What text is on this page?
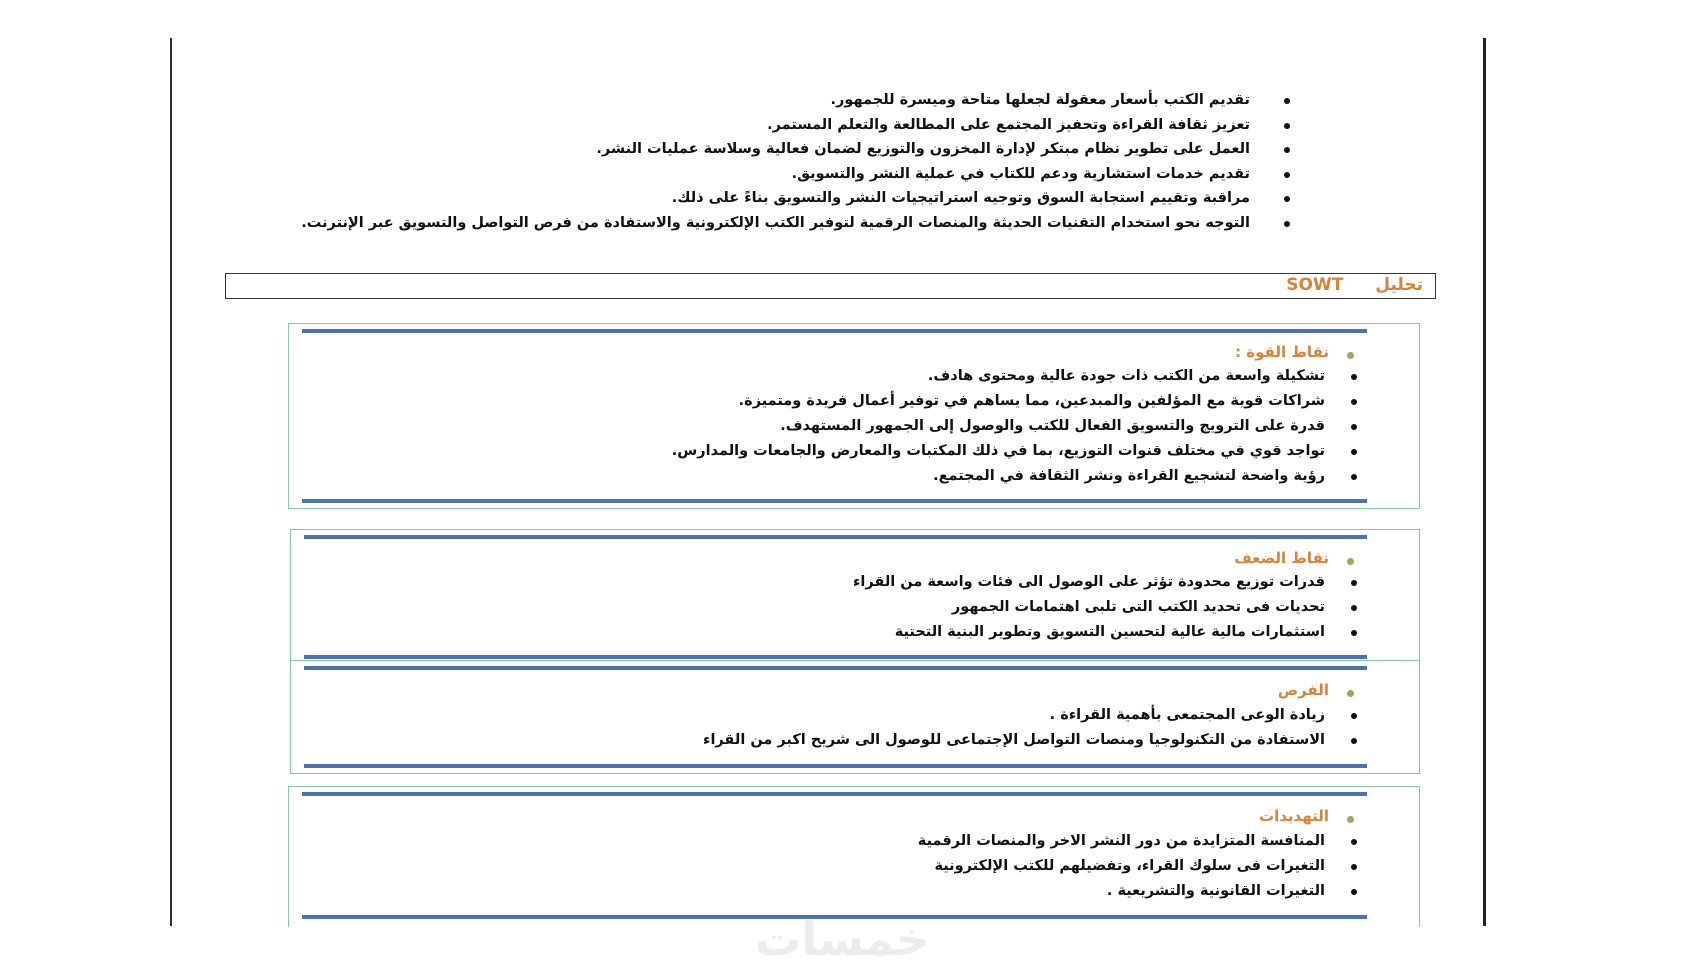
تقديم الكتب بأسعار معقولة لجعلها متاحة وميسرة للجمهور.
تعزيز ثقافة القراءة وتحفيز المجتمع على المطالعة والتعلم المستمر.
العمل على تطوير نظام مبتكر لإدارة المخزون والتوزيع لضمان فعالية وسلاسة عمليات النشر.
تقديم خدمات استشارية ودعم للكتاب في عملية النشر والتسويق.
مراقبة وتقييم استجابة السوق وتوجيه استراتيجيات النشر والتسويق بناءً على ذلك.
التوجه نحو استخدام التقنيات الحديثة والمنصات الرقمية لتوفير الكتب الإلكترونية والاستفادة من فرص التواصل والتسويق عبر الإنترنت.
تحليلSOWT
نقاط القوة :
تشكيلة واسعة من الكتب ذات جودة عالية ومحتوى هادف.
شراكات قوية مع المؤلفين والمبدعين، مما يساهم في توفير أعمال فريدة ومتميزة.
قدرة على الترويج والتسويق الفعال للكتب والوصول إلى الجمهور المستهدف.
تواجد قوي في مختلف قنوات التوزيع، بما في ذلك المكتبات والمعارض والجامعات والمدارس.
رؤية واضحة لتشجيع القراءة ونشر الثقافة في المجتمع.
نقاط الضعف
قدرات توزيع محدودة تؤثر على الوصول الى فئات واسعة من القراء
تحديات فى تحديد الكتب التى تلبى اهتمامات الجمهور
استثمارات مالية عالية لتحسين التسويق وتطوير البنية التحتية
الفرص
زيادة الوعى المجتمعى بأهمية القراءة .
الاستفادة من التكنولوجيا ومنصات التواصل الإجتماعى للوصول الى شريح اكبر من القراء
التهديدات
المنافسة المتزايدة من دور النشر الاخر والمنصات الرقمية
التغيرات فى سلوك القراء، وتفضيلهم للكتب الإلكترونية
التغيرات القانونية والتشريعية .
خمسات
